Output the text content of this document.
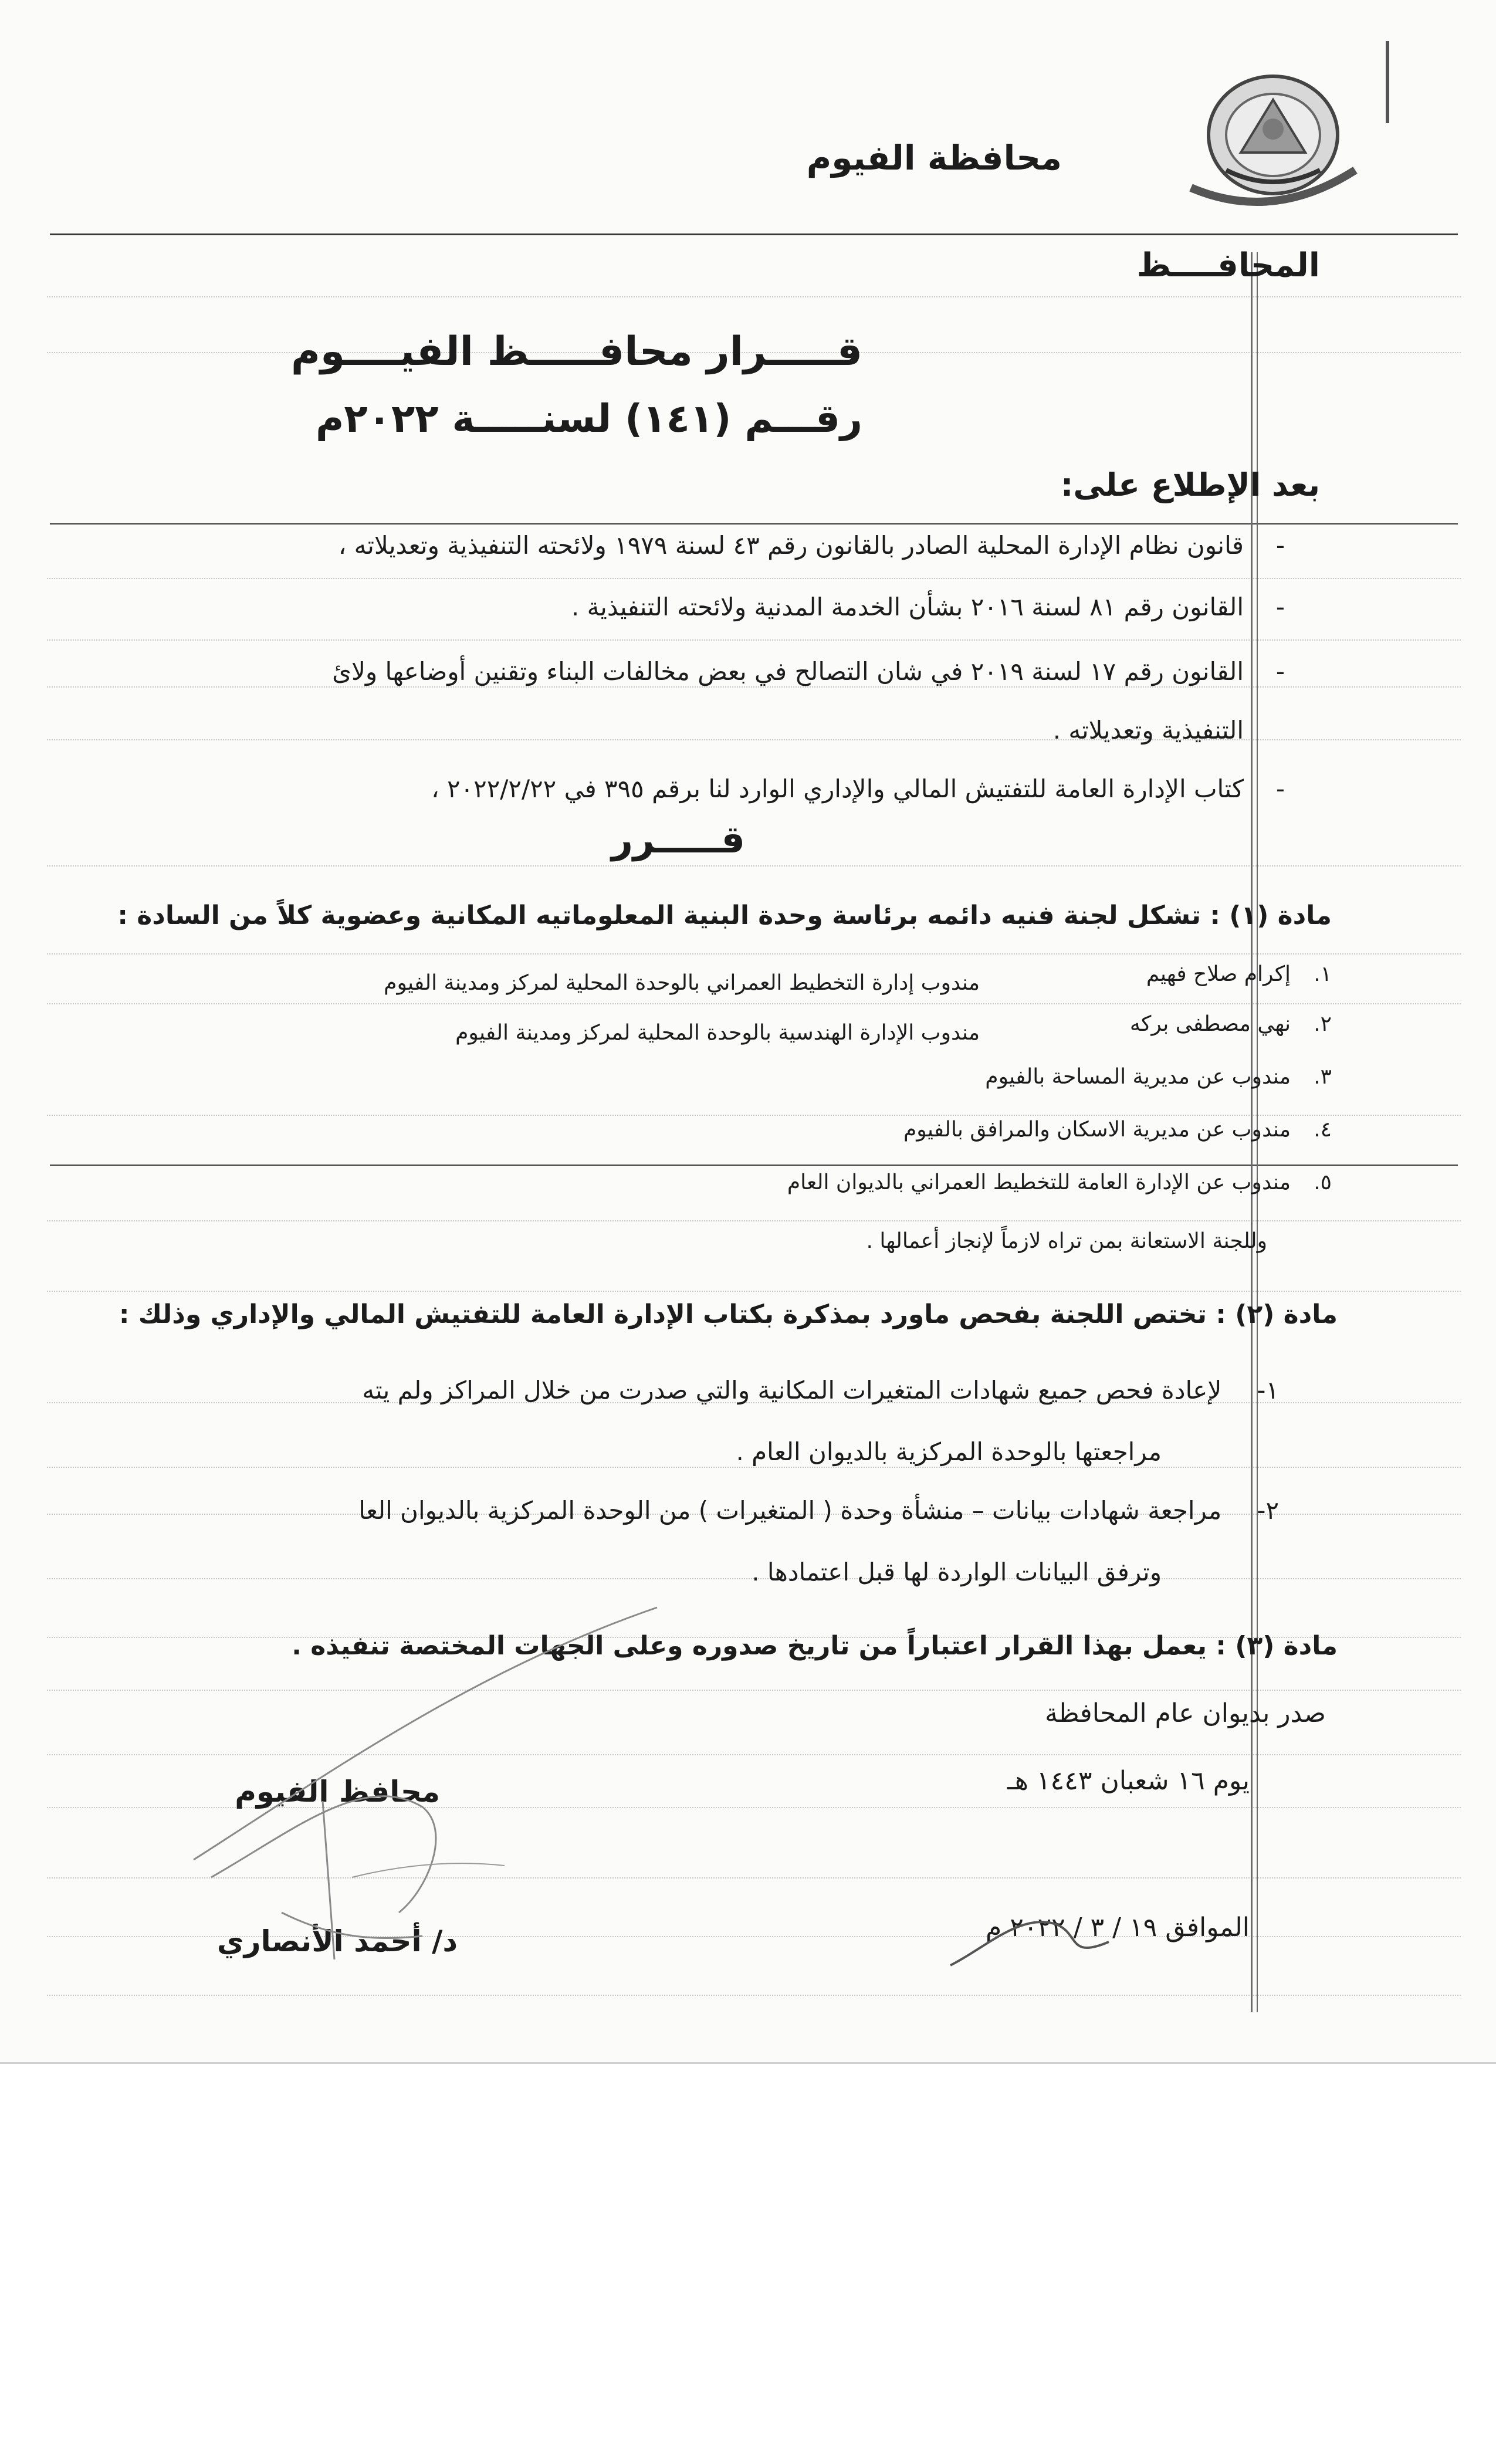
محافظة الفيوم
المحافــــظ
قـــــرار محافـــــظ الفيــــوم
رقـــم (١٤١) لسنـــــة ٢٠٢٢م
بعد الإطلاع على:
-
قانون نظام الإدارة المحلية الصادر بالقانون رقم ٤٣ لسنة ١٩٧٩ ولائحته التنفيذية وتعديلاته ،
-
القانون رقم ٨١ لسنة ٢٠١٦ بشأن الخدمة المدنية ولائحته التنفيذية .
-
القانون رقم ١٧ لسنة ٢٠١٩ في شان التصالح في بعض مخالفات البناء وتقنين أوضاعها ولائ
التنفيذية وتعديلاته .
-
كتاب الإدارة العامة للتفتيش المالي والإداري الوارد لنا برقم ٣٩٥ في ٢٠٢٢/٢/٢٢ ،
قـــــرر
مادة (١) : تشكل لجنة فنيه دائمه برئاسة وحدة البنية المعلوماتيه المكانية وعضوية كلاً من السادة :
١.إكرام صلاح فهيم
مندوب إدارة التخطيط العمراني بالوحدة المحلية لمركز ومدينة الفيوم
٢.نهي مصطفى بركه
مندوب الإدارة الهندسية بالوحدة المحلية لمركز ومدينة الفيوم
٣.مندوب عن مديرية المساحة بالفيوم
٤.مندوب عن مديرية الاسكان والمرافق بالفيوم
٥.مندوب عن الإدارة العامة للتخطيط العمراني بالديوان العام
وللجنة الاستعانة بمن تراه لازماً لإنجاز أعمالها .
مادة (٢) : تختص اللجنة بفحص ماورد بمذكرة بكتاب الإدارة العامة للتفتيش المالي والإداري وذلك :
١-لإعادة فحص جميع شهادات المتغيرات المكانية والتي صدرت من خلال المراكز ولم يته
مراجعتها بالوحدة المركزية بالديوان العام .
٢-مراجعة شهادات بيانات – منشأة وحدة ( المتغيرات ) من الوحدة المركزية بالديوان العا
وترفق البيانات الواردة لها قبل اعتمادها .
مادة (٣) : يعمل بهذا القرار اعتباراً من تاريخ صدوره وعلى الجهات المختصة تنفيذه .
صدر بديوان عام المحافظة
يوم ١٦ شعبان ١٤٤٣ هـ
الموافق ١٩ / ٣ / ٢٠٢٢ م
محافظ الفيوم
د/ أحمد الأنصاري
